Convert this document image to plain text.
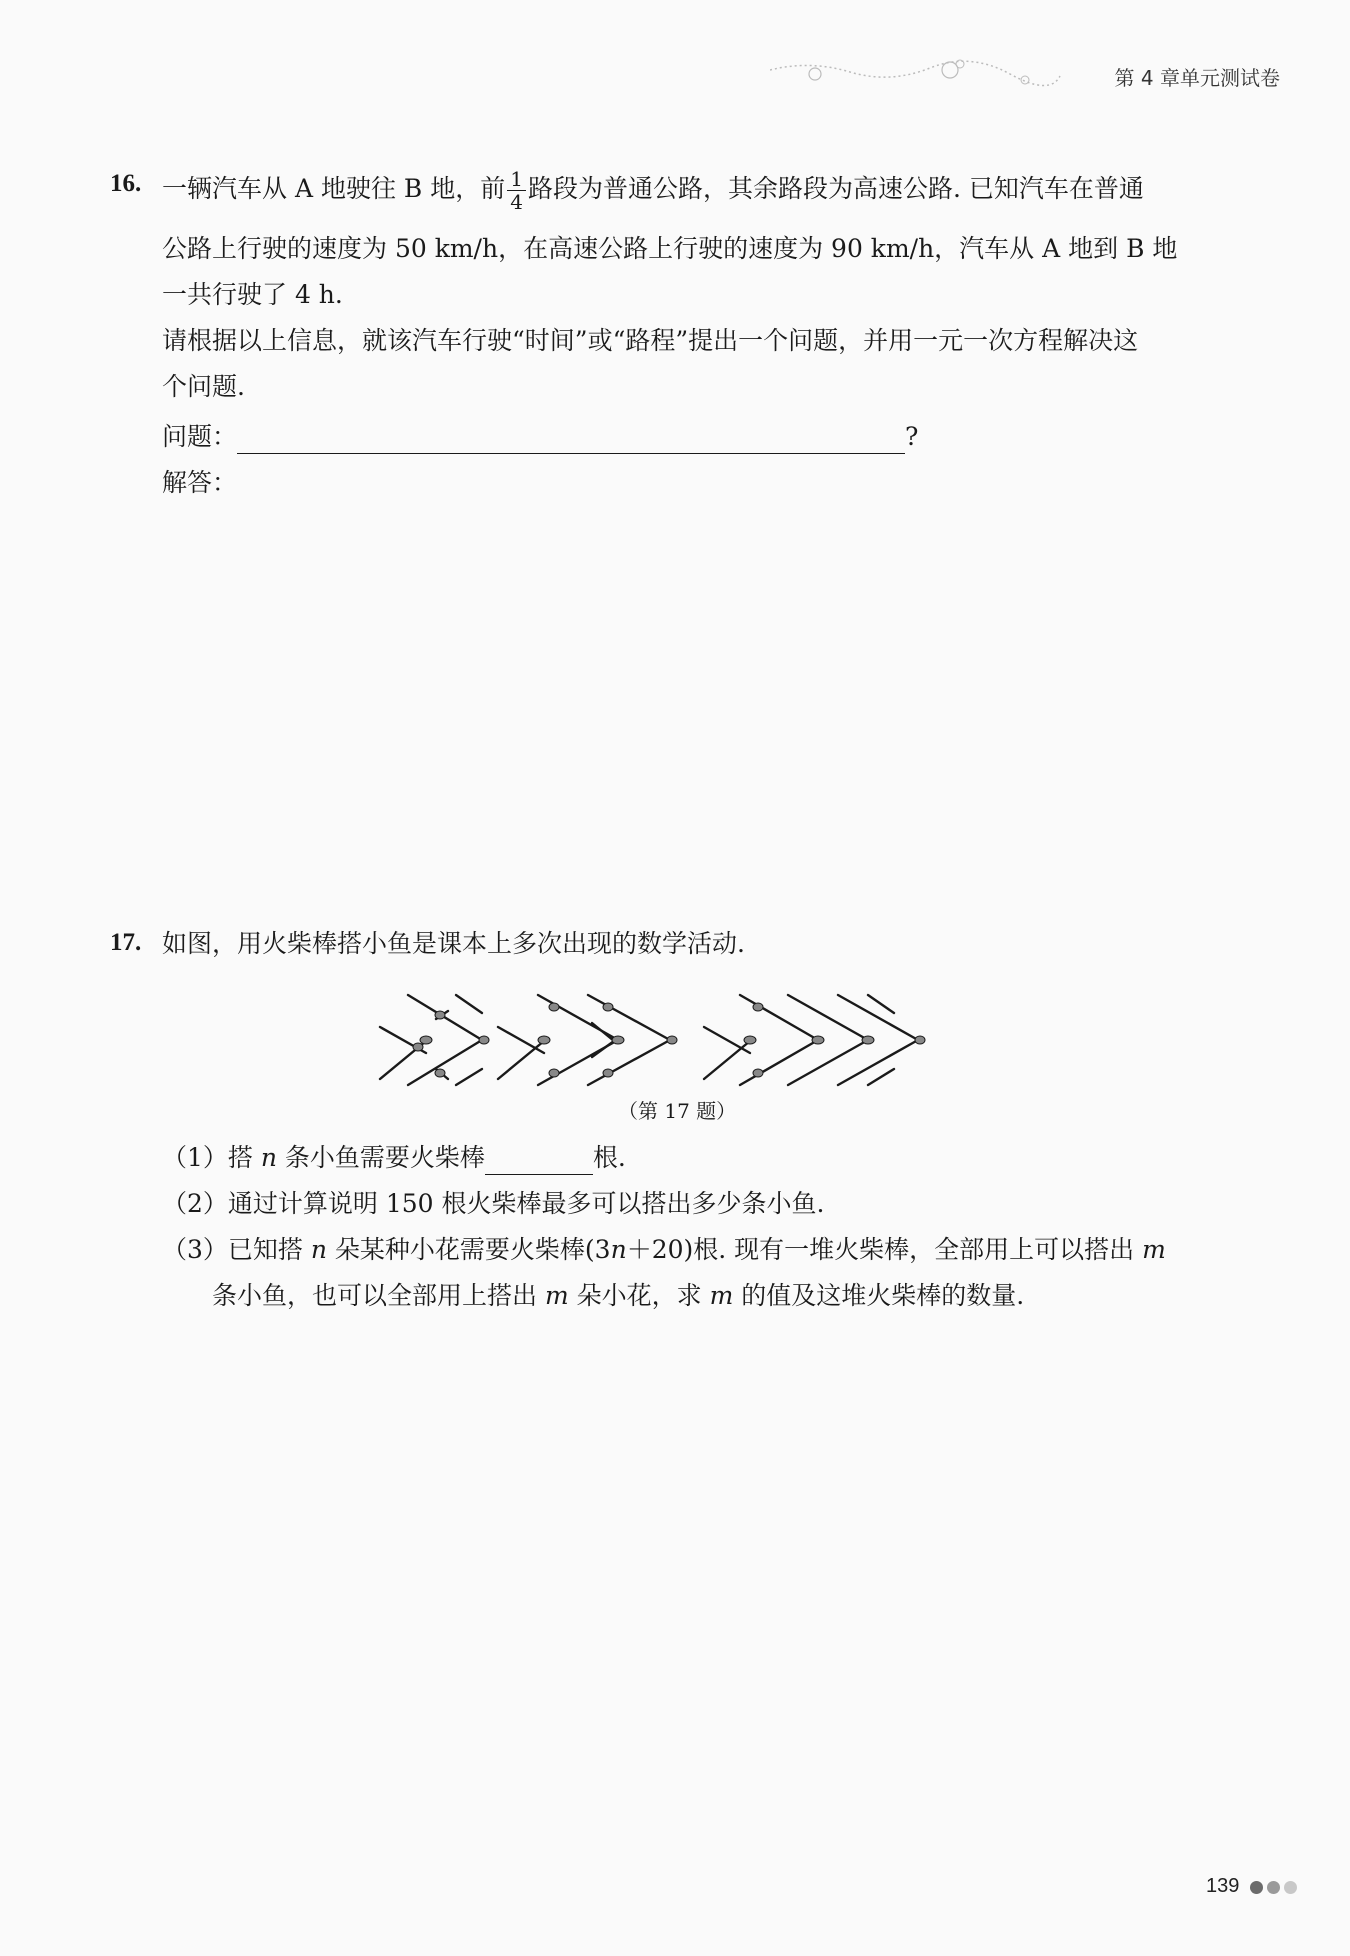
第 4 章单元测试卷
16. 一辆汽车从 A 地驶往 B 地，前 $\frac{1}{4}$ 路段为普通公路，其余路段为高速公路. 已知汽车在普通
公路上行驶的速度为 50 km/h，在高速公路上行驶的速度为 90 km/h，汽车从 A 地到 B 地
一共行驶了 4 h.
请根据以上信息，就该汽车行驶“时间”或“路程”提出一个问题，并用一元一次方程解决这
个问题.
问题：	?
解答：
17. 如图，用火柴棒搭小鱼是课本上多次出现的数学活动.
（第 17 题）
（1）搭 n 条小鱼需要火柴棒	根.
（2）通过计算说明 150 根火柴棒最多可以搭出多少条小鱼.
（3）已知搭 n 朵某种小花需要火柴棒(3n＋20)根. 现有一堆火柴棒，全部用上可以搭出 m
条小鱼，也可以全部用上搭出 m 朵小花，求 m 的值及这堆火柴棒的数量.
139
